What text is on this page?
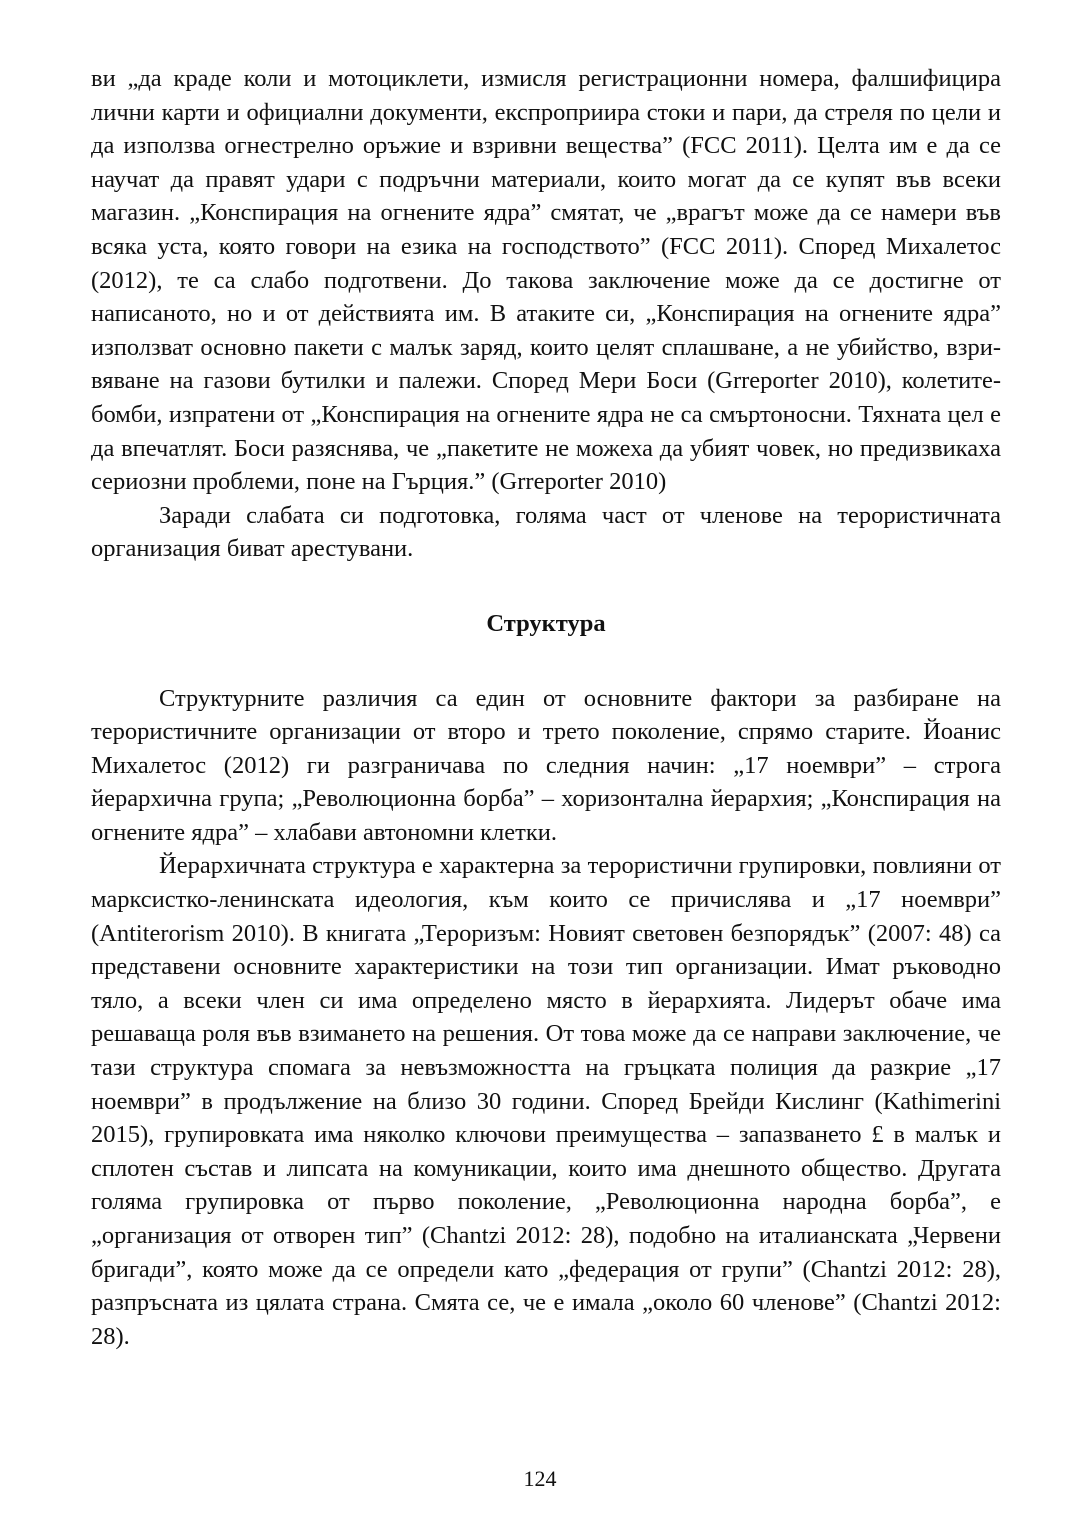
ви „да краде коли и мотоциклети, измисля регистрационни номера, фалшифицира лични карти и официални документи, експроприира стоки и пари, да стреля по цели и да използва огнестрелно оръжие и взривни вещества” (FCC 2011). Целта им е да се научат да правят удари с подръчни материали, които могат да се купят във всеки магазин. „Конспирация на огнените ядра” смятат, че „врагът може да се намери във всяка уста, която говори на езика на господството” (FCC 2011). Според Михалетос (2012), те са слабо подготвени. До такова заключение може да се достигне от написаното, но и от действията им. В атаките си, „Конспирация на огнените ядра” използват основно пакети с малък заряд, които целят сплашване, а не убийство, взривяване на газови бутилки и палежи. Според Мери Боси (Grreporter 2010), колетите-бомби, изпратени от „Конспирация на огнените ядра не са смъртоносни. Тяхната цел е да впечатлят. Боси разяснява, че „пакетите не можеха да убият човек, но предизвикаха сериозни проблеми, поне на Гърция.” (Grreporter 2010)

Заради слабата си подготовка, голяма част от членове на терористичната организация биват арестувани.

Структура

Структурните различия са един от основните фактори за разбиране на терористичните организации от второ и трето поколение, спрямо старите. Йоанис Михалетос (2012) ги разграничава по следния начин: „17 ноември” – строга йерархична група; „Революционна борба” – хоризонтална йерархия; „Конспирация на огнените ядра” – хлабави автономни клетки.

Йерархичната структура е характерна за терористични групировки, повлияни от марксистко-ленинската идеология, към които се причислява и „17 ноември” (Antiterorism 2010). В книгата „Тероризъм: Новият световен безпорядък” (2007: 48) са представени основните характеристики на този тип организации. Имат ръководно тяло, а всеки член си има определено място в йерархията. Лидерът обаче има решаваща роля във взимането на решения. От това може да се направи заключение, че тази структура спомага за невъзможността на гръцката полиция да разкрие „17 ноември” в продължение на близо 30 години. Според Брейди Кислинг (Kathimerini 2015), групировката има няколко ключови преимущества – запазването £ в малък и сплотен състав и липсата на комуникации, които има днешното общество. Другата голяма групировка от първо поколение, „Революционна народна борба”, е „организация от отворен тип” (Chantzi 2012: 28), подобно на италианската „Червени бригади”, която може да се определи като „федерация от групи” (Chantzi 2012: 28), разпръсната из цялата страна. Смята се, че е имала „около 60 членове” (Chantzi 2012: 28).

124
